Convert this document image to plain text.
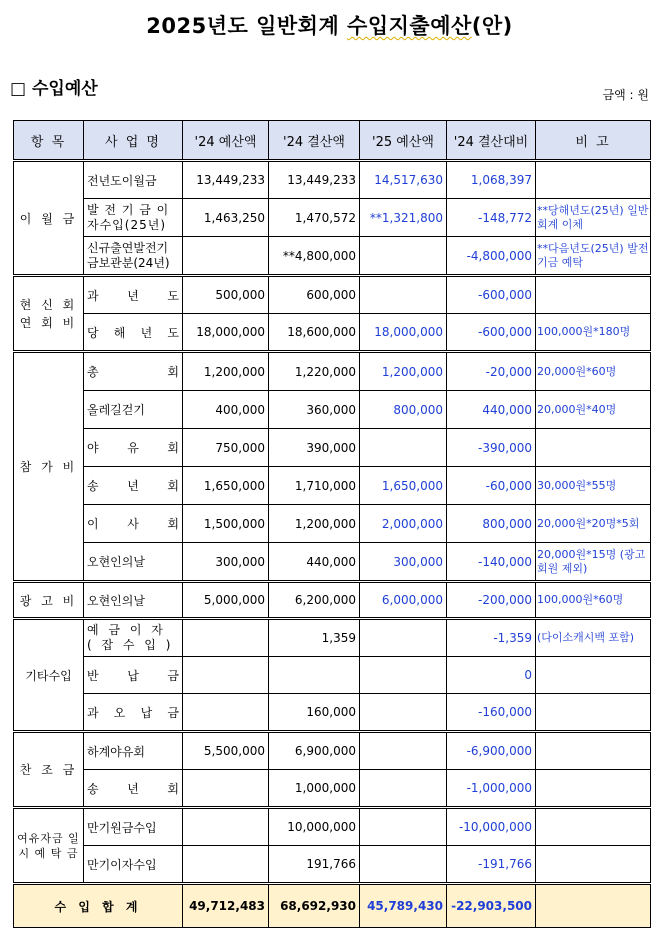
2025년도 일반회계 수입지출예산(안)
□ 수입예산	금액 : 원
항 목	사 업 명	'24 예산액	'24 결산액	'25 예산액	'24 결산대비	비 고
이 월 금	전년도이월금	13,449,233	13,449,233	14,517,630	1,068,397	
	발 전 기 금 이자수입(25년)	1,463,250	1,470,572	**1,321,800	-148,772	**당해년도(25년) 일반회계 이체
	신규출연발전기 금보관분(24년)		**4,800,000		-4,800,000	**다음년도(25년) 발전기금 예탁
현 신 회 연 회 비	과 년 도	500,000	600,000		-600,000	
	당 해 년 도	18,000,000	18,600,000	18,000,000	-600,000	100,000원*180명
참 가 비	총 회	1,200,000	1,220,000	1,200,000	-20,000	20,000원*60명
	올레길걷기	400,000	360,000	800,000	440,000	20,000원*40명
	야 유 회	750,000	390,000		-390,000	
	송 년 회	1,650,000	1,710,000	1,650,000	-60,000	30,000원*55명
	이 사 회	1,500,000	1,200,000	2,000,000	800,000	20,000원*20명*5회
	오현인의날	300,000	440,000	300,000	-140,000	20,000원*15명 (광고회원 제외)
광 고 비	오현인의날	5,000,000	6,200,000	6,000,000	-200,000	100,000원*60명
기타수입	예 금 이 자 ( 잡 수 입 )		1,359		-1,359	(다이소캐시백 포함)
	반 납 금				0	
	과 오 납 금		160,000		-160,000	
찬 조 금	하계야유회	5,500,000	6,900,000		-6,900,000	
	송 년 회		1,000,000		-1,000,000	
여유자금 일 시 예 탁 금	만기원금수입		10,000,000		-10,000,000	
	만기이자수입		191,766		-191,766	
수 입 합 계		49,712,483	68,692,930	45,789,430	-22,903,500	
